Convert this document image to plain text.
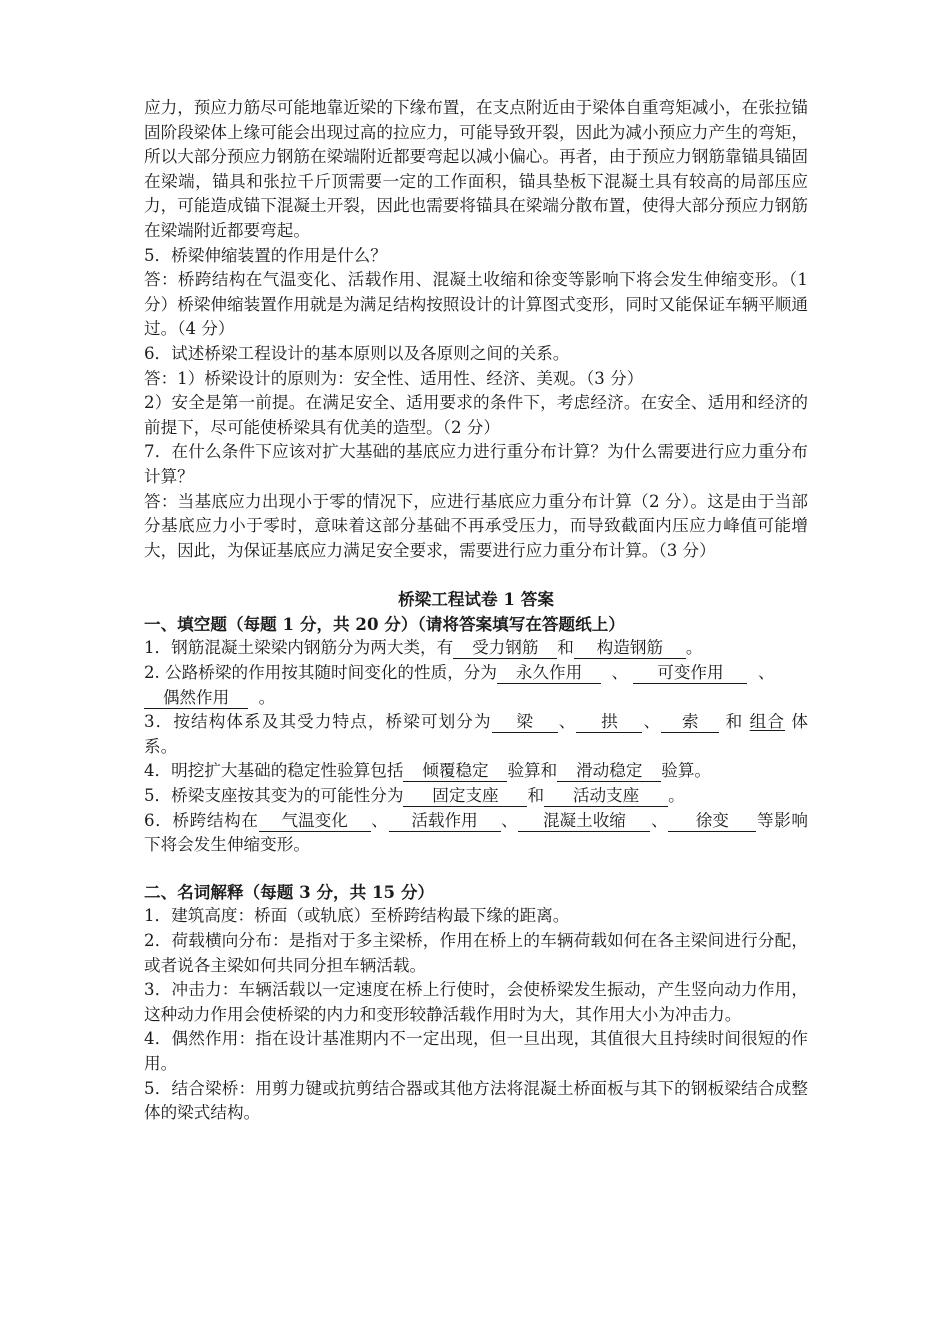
应力，预应力筋尽可能地靠近梁的下缘布置，在支点附近由于梁体自重弯矩减小，在张拉锚固阶段梁体上缘可能会出现过高的拉应力，可能导致开裂，因此为减小预应力产生的弯矩，所以大部分预应力钢筋在梁端附近都要弯起以减小偏心。再者，由于预应力钢筋靠锚具锚固在梁端，锚具和张拉千斤顶需要一定的工作面积，锚具垫板下混凝土具有较高的局部压应力，可能造成锚下混凝土开裂，因此也需要将锚具在梁端分散布置，使得大部分预应力钢筋在梁端附近都要弯起。

5．桥梁伸缩装置的作用是什么？

答：桥跨结构在气温变化、活载作用、混凝土收缩和徐变等影响下将会发生伸缩变形。（1 分）桥梁伸缩装置作用就是为满足结构按照设计的计算图式变形，同时又能保证车辆平顺通过。（4 分）

6．试述桥梁工程设计的基本原则以及各原则之间的关系。

答：1）桥梁设计的原则为：安全性、适用性、经济、美观。（3 分）

2）安全是第一前提。在满足安全、适用要求的条件下，考虑经济。在安全、适用和经济的前提下，尽可能使桥梁具有优美的造型。（2 分）

7．在什么条件下应该对扩大基础的基底应力进行重分布计算？为什么需要进行应力重分布计算？

答：当基底应力出现小于零的情况下，应进行基底应力重分布计算（2 分）。这是由于当部分基底应力小于零时，意味着这部分基础不再承受压力，而导致截面内压应力峰值可能增大，因此，为保证基底应力满足安全要求，需要进行应力重分布计算。（3 分）

桥梁工程试卷 1 答案

一、填空题（每题 1 分，共 20 分）（请将答案填写在答题纸上）

1．钢筋混凝土梁梁内钢筋分为两大类，有 受力钢筋 和 构造钢筋 。

2. 公路桥梁的作用按其随时间变化的性质，分为 永久作用 、 可变作用 、
偶然作用 。

3．按结构体系及其受力特点，桥梁可划分为 梁 、 拱 、 索 和 组合 体系。

4．明挖扩大基础的稳定性验算包括 倾覆稳定 验算和 滑动稳定 验算。

5．桥梁支座按其变为的可能性分为 固定支座 和 活动支座 。

6．桥跨结构在 气温变化 、 活载作用 、 混凝土收缩 、 徐变 等影响下将会发生伸缩变形。

二、名词解释（每题 3 分，共 15 分）

1．建筑高度：桥面（或轨底）至桥跨结构最下缘的距离。

2．荷载横向分布：是指对于多主梁桥，作用在桥上的车辆荷载如何在各主梁间进行分配，或者说各主梁如何共同分担车辆活载。

3．冲击力：车辆活载以一定速度在桥上行使时，会使桥梁发生振动，产生竖向动力作用，这种动力作用会使桥梁的内力和变形较静活载作用时为大，其作用大小为冲击力。

4．偶然作用：指在设计基准期内不一定出现，但一旦出现，其值很大且持续时间很短的作用。

5．结合梁桥：用剪力键或抗剪结合器或其他方法将混凝土桥面板与其下的钢板梁结合成整体的梁式结构。
